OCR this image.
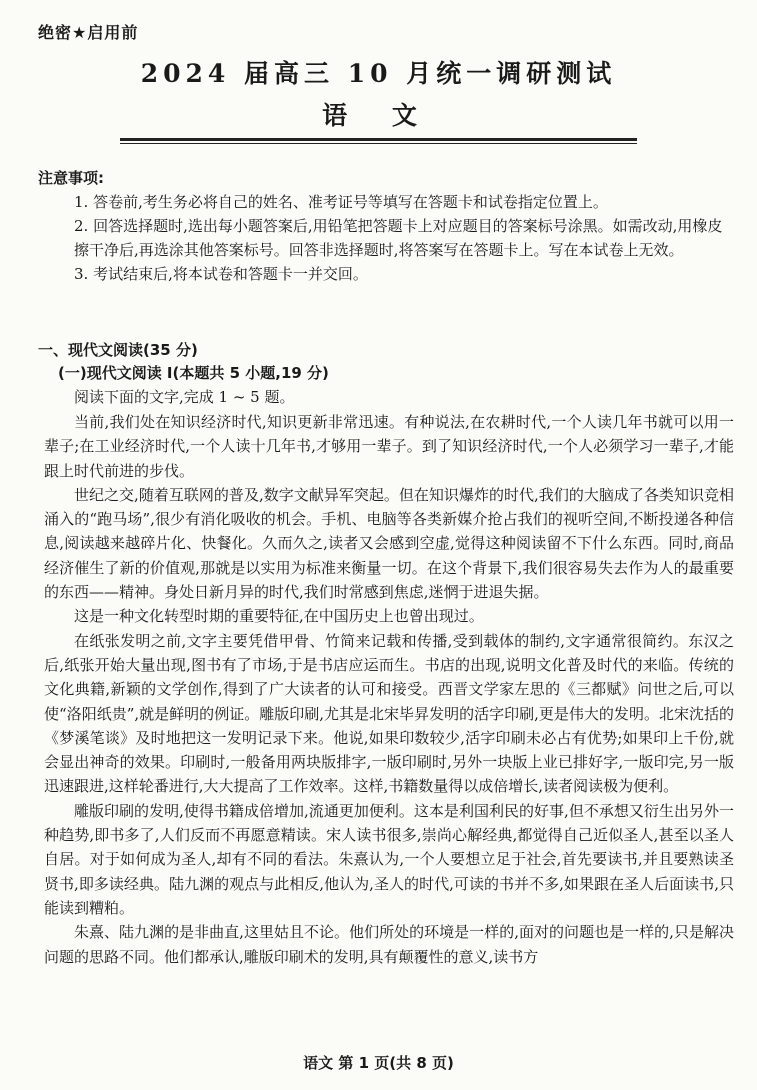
绝密★启用前
2024 届高三 10 月统一调研测试
语 文
注意事项:

1. 答卷前,考生务必将自己的姓名、准考证号等填写在答题卡和试卷指定位置上。

2. 回答选择题时,选出每小题答案后,用铅笔把答题卡上对应题目的答案标号涂黑。如需改动,用橡皮擦干净后,再选涂其他答案标号。回答非选择题时,将答案写在答题卡上。写在本试卷上无效。

3. 考试结束后,将本试卷和答题卡一并交回。

一、现代文阅读(35 分)
(一)现代文阅读 I(本题共 5 小题,19 分)
阅读下面的文字,完成 1 ~ 5 题。

当前,我们处在知识经济时代,知识更新非常迅速。有种说法,在农耕时代,一个人读几年书就可以用一辈子;在工业经济时代,一个人读十几年书,才够用一辈子。到了知识经济时代,一个人必须学习一辈子,才能跟上时代前进的步伐。

世纪之交,随着互联网的普及,数字文献异军突起。但在知识爆炸的时代,我们的大脑成了各类知识竞相涌入的“跑马场”,很少有消化吸收的机会。手机、电脑等各类新媒介抢占我们的视听空间,不断投递各种信息,阅读越来越碎片化、快餐化。久而久之,读者又会感到空虚,觉得这种阅读留不下什么东西。同时,商品经济催生了新的价值观,那就是以实用为标准来衡量一切。在这个背景下,我们很容易失去作为人的最重要的东西——精神。身处日新月异的时代,我们时常感到焦虑,迷惘于进退失据。

这是一种文化转型时期的重要特征,在中国历史上也曾出现过。

在纸张发明之前,文字主要凭借甲骨、竹简来记载和传播,受到载体的制约,文字通常很简约。东汉之后,纸张开始大量出现,图书有了市场,于是书店应运而生。书店的出现,说明文化普及时代的来临。传统的文化典籍,新颖的文学创作,得到了广大读者的认可和接受。西晋文学家左思的《三都赋》问世之后,可以使“洛阳纸贵”,就是鲜明的例证。雕版印刷,尤其是北宋毕昇发明的活字印刷,更是伟大的发明。北宋沈括的《梦溪笔谈》及时地把这一发明记录下来。他说,如果印数较少,活字印刷未必占有优势;如果印上千份,就会显出神奇的效果。印刷时,一般备用两块版排字,一版印刷时,另外一块版上业已排好字,一版印完,另一版迅速跟进,这样轮番进行,大大提高了工作效率。这样,书籍数量得以成倍增长,读者阅读极为便利。

雕版印刷的发明,使得书籍成倍增加,流通更加便利。这本是利国利民的好事,但不承想又衍生出另外一种趋势,即书多了,人们反而不再愿意精读。宋人读书很多,崇尚心解经典,都觉得自己近似圣人,甚至以圣人自居。对于如何成为圣人,却有不同的看法。朱熹认为,一个人要想立足于社会,首先要读书,并且要熟读圣贤书,即多读经典。陆九渊的观点与此相反,他认为,圣人的时代,可读的书并不多,如果跟在圣人后面读书,只能读到糟粕。

朱熹、陆九渊的是非曲直,这里姑且不论。他们所处的环境是一样的,面对的问题也是一样的,只是解决问题的思路不同。他们都承认,雕版印刷术的发明,具有颠覆性的意义,读书方

语文 第 1 页(共 8 页)
